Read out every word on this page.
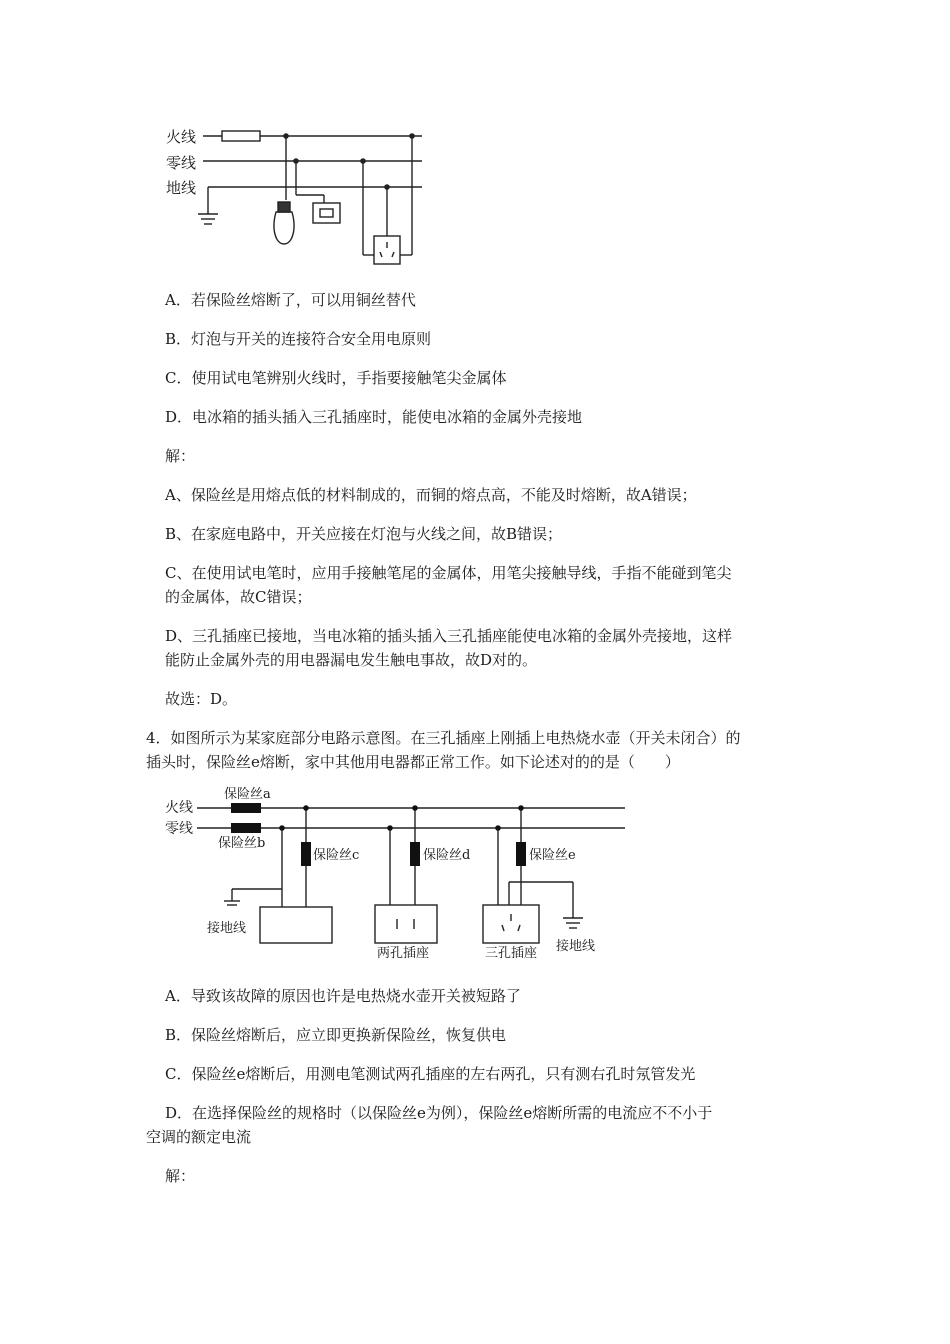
火线
零线
地线
A．若保险丝熔断了，可以用铜丝替代
B．灯泡与开关的连接符合安全用电原则
C．使用试电笔辨别火线时，手指要接触笔尖金属体
D．电冰箱的插头插入三孔插座时，能使电冰箱的金属外壳接地
解：
A、保险丝是用熔点低的材料制成的，而铜的熔点高，不能及时熔断，故A错误；
B、在家庭电路中，开关应接在灯泡与火线之间，故B错误；
C、在使用试电笔时，应用手接触笔尾的金属体，用笔尖接触导线，手指不能碰到笔尖
的金属体，故C错误；
D、三孔插座已接地，当电冰箱的插头插入三孔插座能使电冰箱的金属外壳接地，这样
能防止金属外壳的用电器漏电发生触电事故，故D对的。
故选：D。
4．如图所示为某家庭部分电路示意图。在三孔插座上刚插上电热烧水壶（开关未闭合）的
插头时，保险丝e熔断，家中其他用电器都正常工作。如下论述对的的是（　　）
火线
零线
保险丝a
保险丝b
保险丝c	保险丝d	保险丝e
接地线
两孔插座	三孔插座 接地线
A．导致该故障的原因也许是电热烧水壶开关被短路了
B．保险丝熔断后，应立即更换新保险丝，恢复供电
C．保险丝e熔断后，用测电笔测试两孔插座的左右两孔，只有测右孔时氖管发光
D．在选择保险丝的规格时（以保险丝e为例），保险丝e熔断所需的电流应不不小于
空调的额定电流
解：
